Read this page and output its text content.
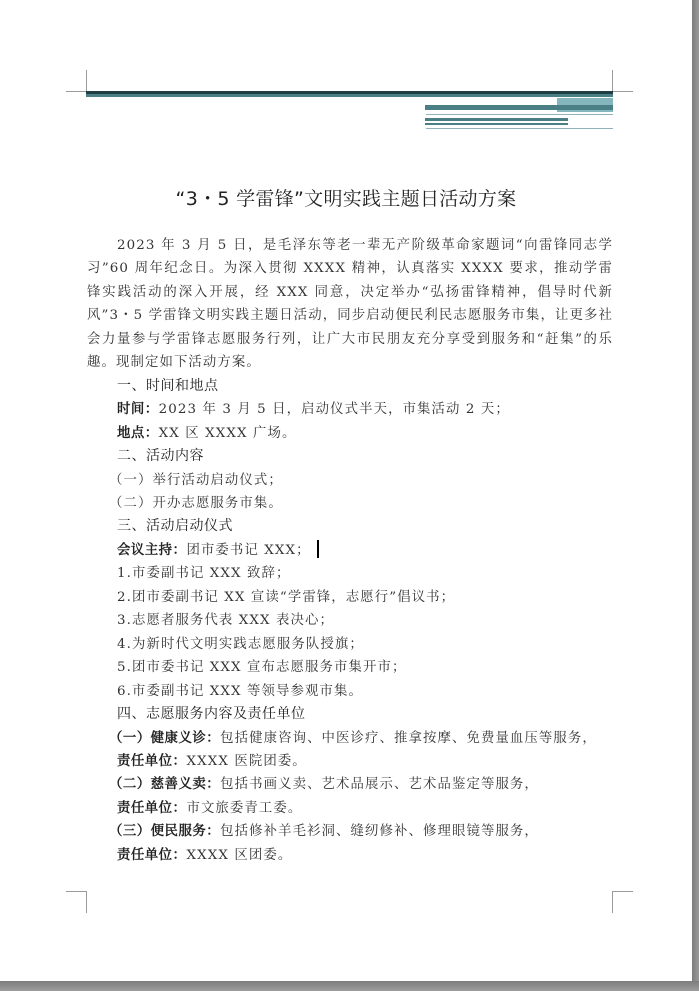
“3・5 学雷锋”文明实践主题日活动方案

2023 年 3 月 5 日，是毛泽东等老一辈无产阶级革命家题词“向雷锋同志学习”60 周年纪念日。为深入贯彻 XXXX 精神，认真落实 XXXX 要求，推动学雷锋实践活动的深入开展，经 XXX 同意，决定举办“弘扬雷锋精神，倡导时代新风”3・5 学雷锋文明实践主题日活动，同步启动便民利民志愿服务市集，让更多社会力量参与学雷锋志愿服务行列，让广大市民朋友充分享受到服务和“赶集”的乐趣。现制定如下活动方案。

一、时间和地点

时间：2023 年 3 月 5 日，启动仪式半天，市集活动 2 天；

地点：XX 区 XXXX 广场。

二、活动内容

（一）举行活动启动仪式；

（二）开办志愿服务市集。

三、活动启动仪式

会议主持：团市委书记 XXX；

1.市委副书记 XXX 致辞；

2.团市委副书记 XX 宣读“学雷锋，志愿行”倡议书；

3.志愿者服务代表 XXX 表决心；

4.为新时代文明实践志愿服务队授旗；

5.团市委书记 XXX 宣布志愿服务市集开市；

6.市委副书记 XXX 等领导参观市集。

四、志愿服务内容及责任单位

（一）健康义诊：包括健康咨询、中医诊疗、推拿按摩、免费量血压等服务，

责任单位：XXXX 医院团委。

（二）慈善义卖：包括书画义卖、艺术品展示、艺术品鉴定等服务，

责任单位：市文旅委青工委。

（三）便民服务：包括修补羊毛衫洞、缝纫修补、修理眼镜等服务，

责任单位：XXXX 区团委。
